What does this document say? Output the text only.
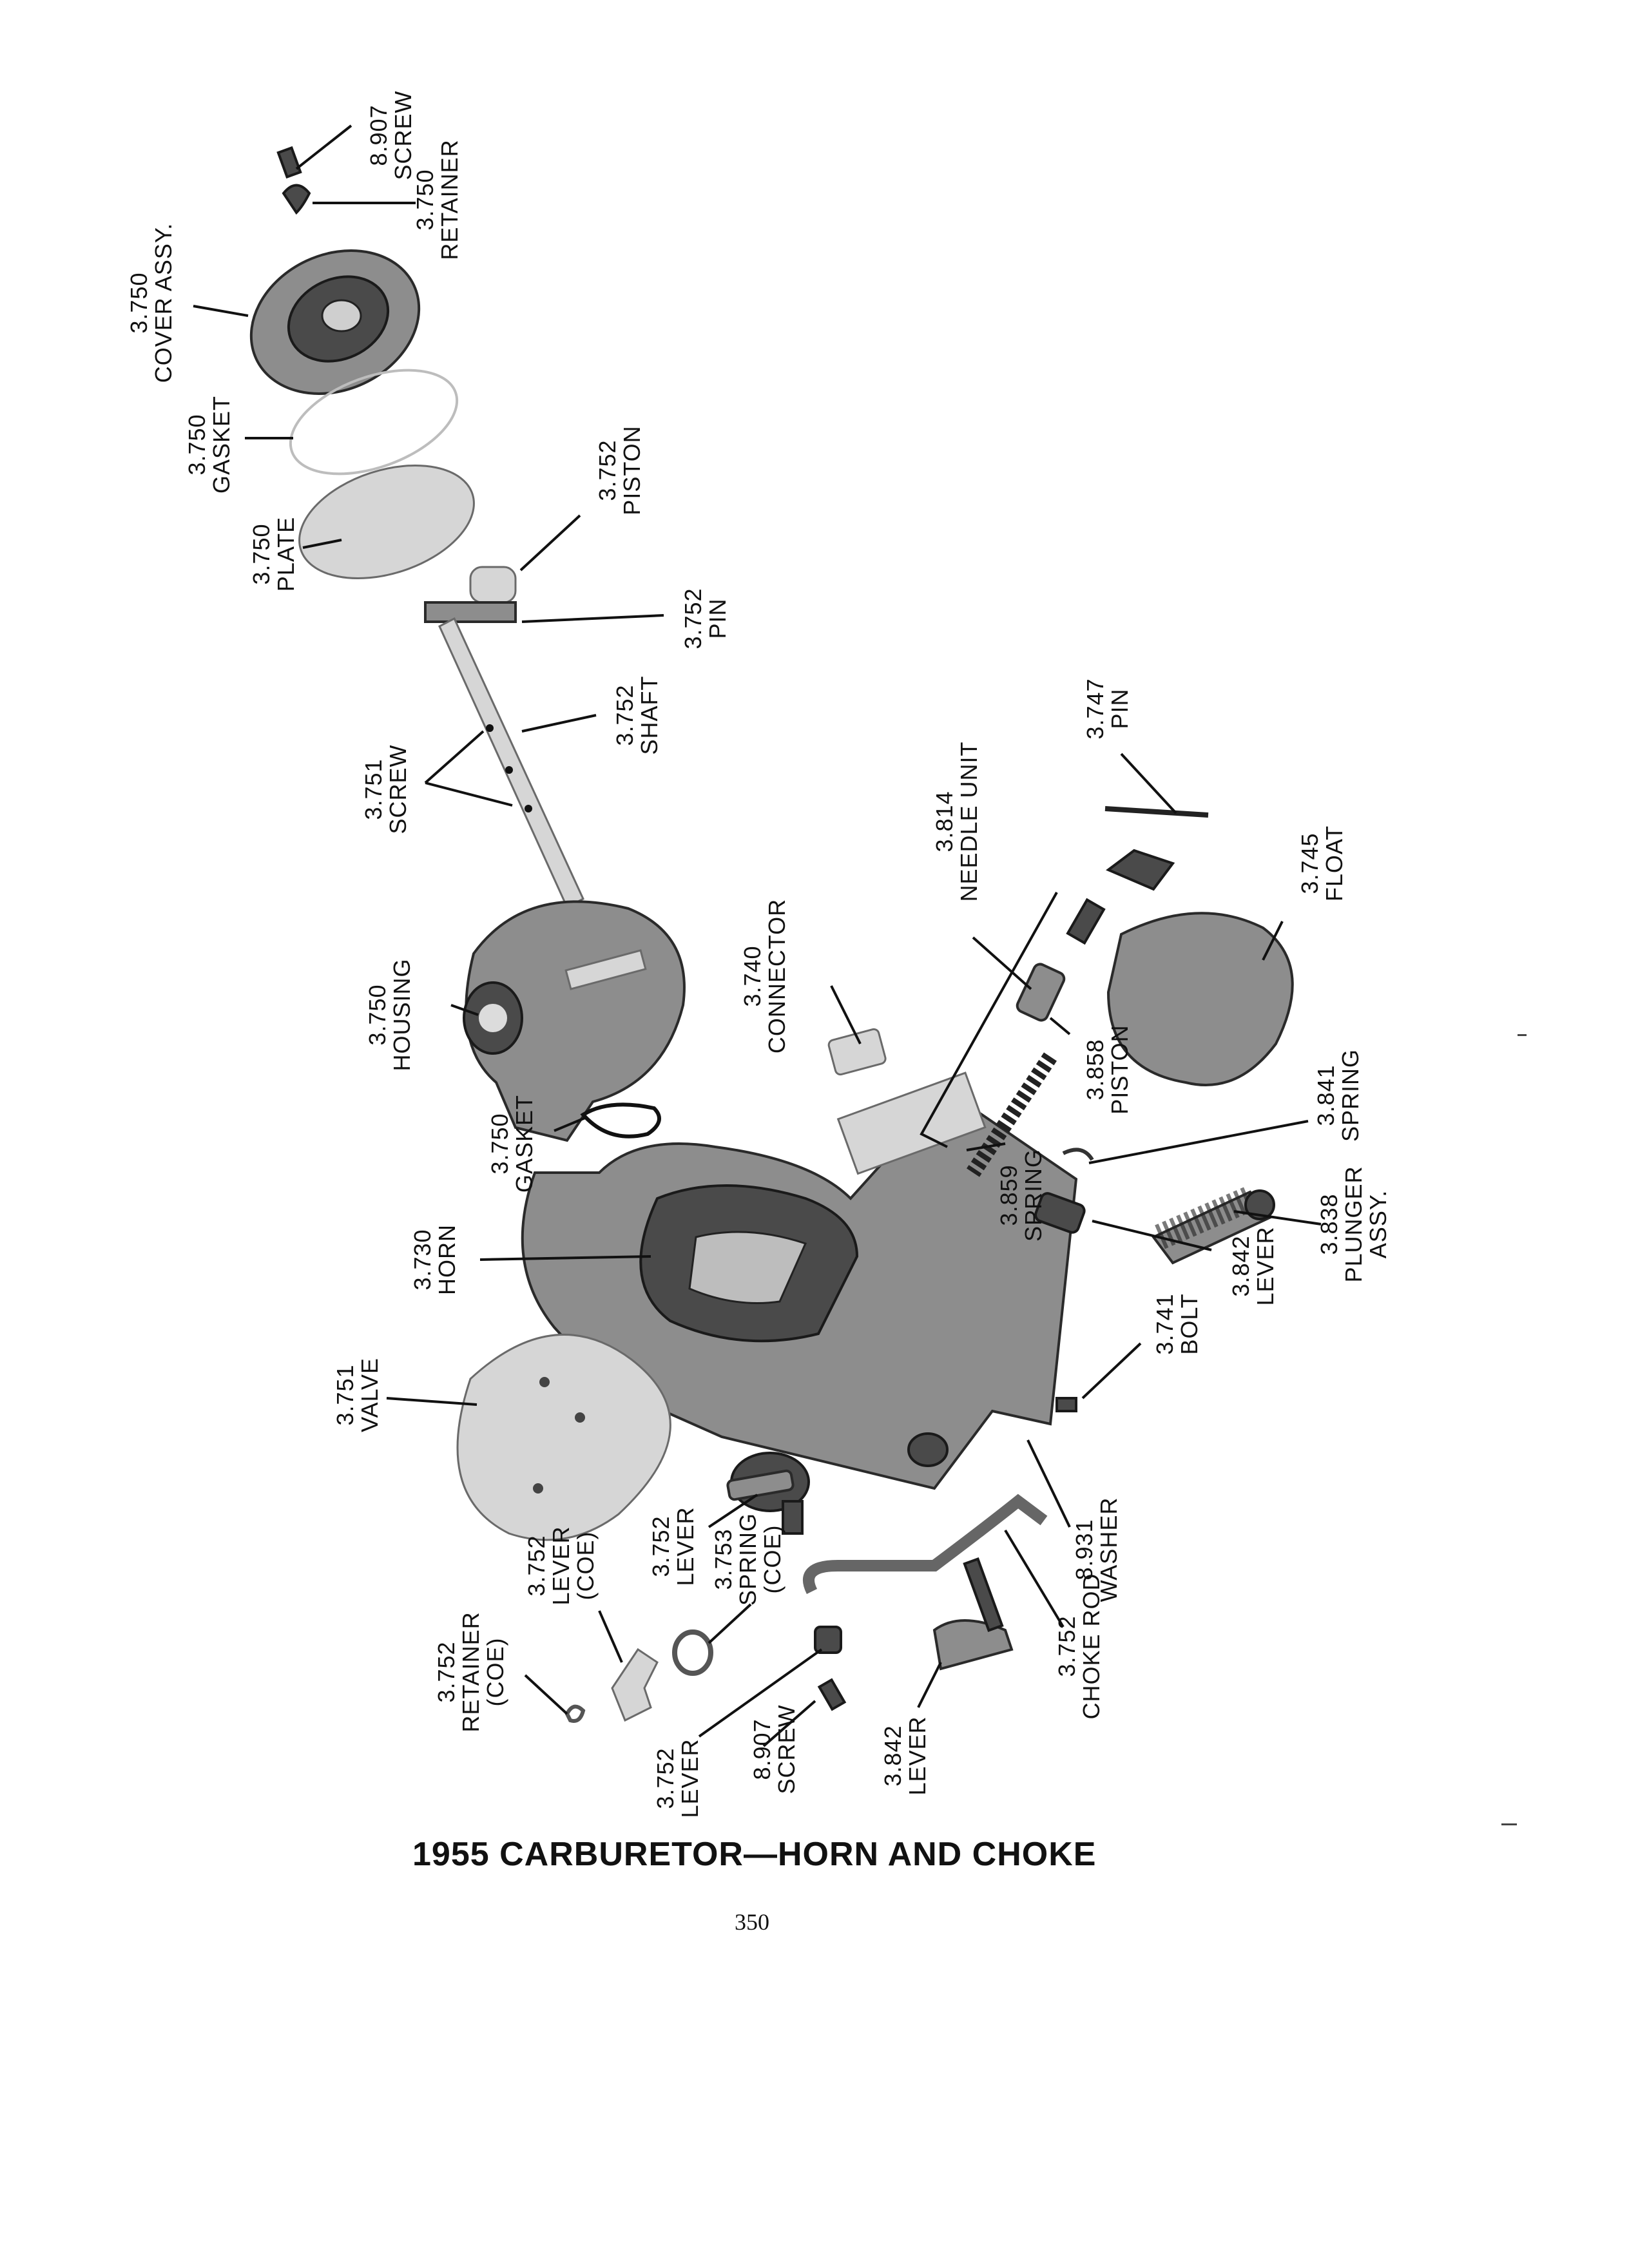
8.907
SCREW
3.750
RETAINER
3.750
COVER ASSY.
3.750
GASKET	3.752
PISTON
3.750
PLATE
3.752
PIN
3.752
SHAFT
3.751
SCREW
3.747
PIN
3.814
NEEDLE UNIT	3.745
FLOAT
3.740
CONNECTOR
3.750
HOUSING	3.858
PISTON	3.841
SPRING
3.750
GASKET
3.859
SPRING	3.838
PLUNGER
ASSY.
3.730
HORN	3.842
LEVER
3.741
BOLT
3.751
VALVE
3.752
LEVER	8.931
WASHER
3.752
LEVER
(COE)	3.753
SPRING
(COE)
3.752
RETAINER
(COE)	3.752
CHOKE ROD
8.907
SCREW
3.752
LEVER	3.842
LEVER
1955 CARBURETOR—HORN AND CHOKE
350
